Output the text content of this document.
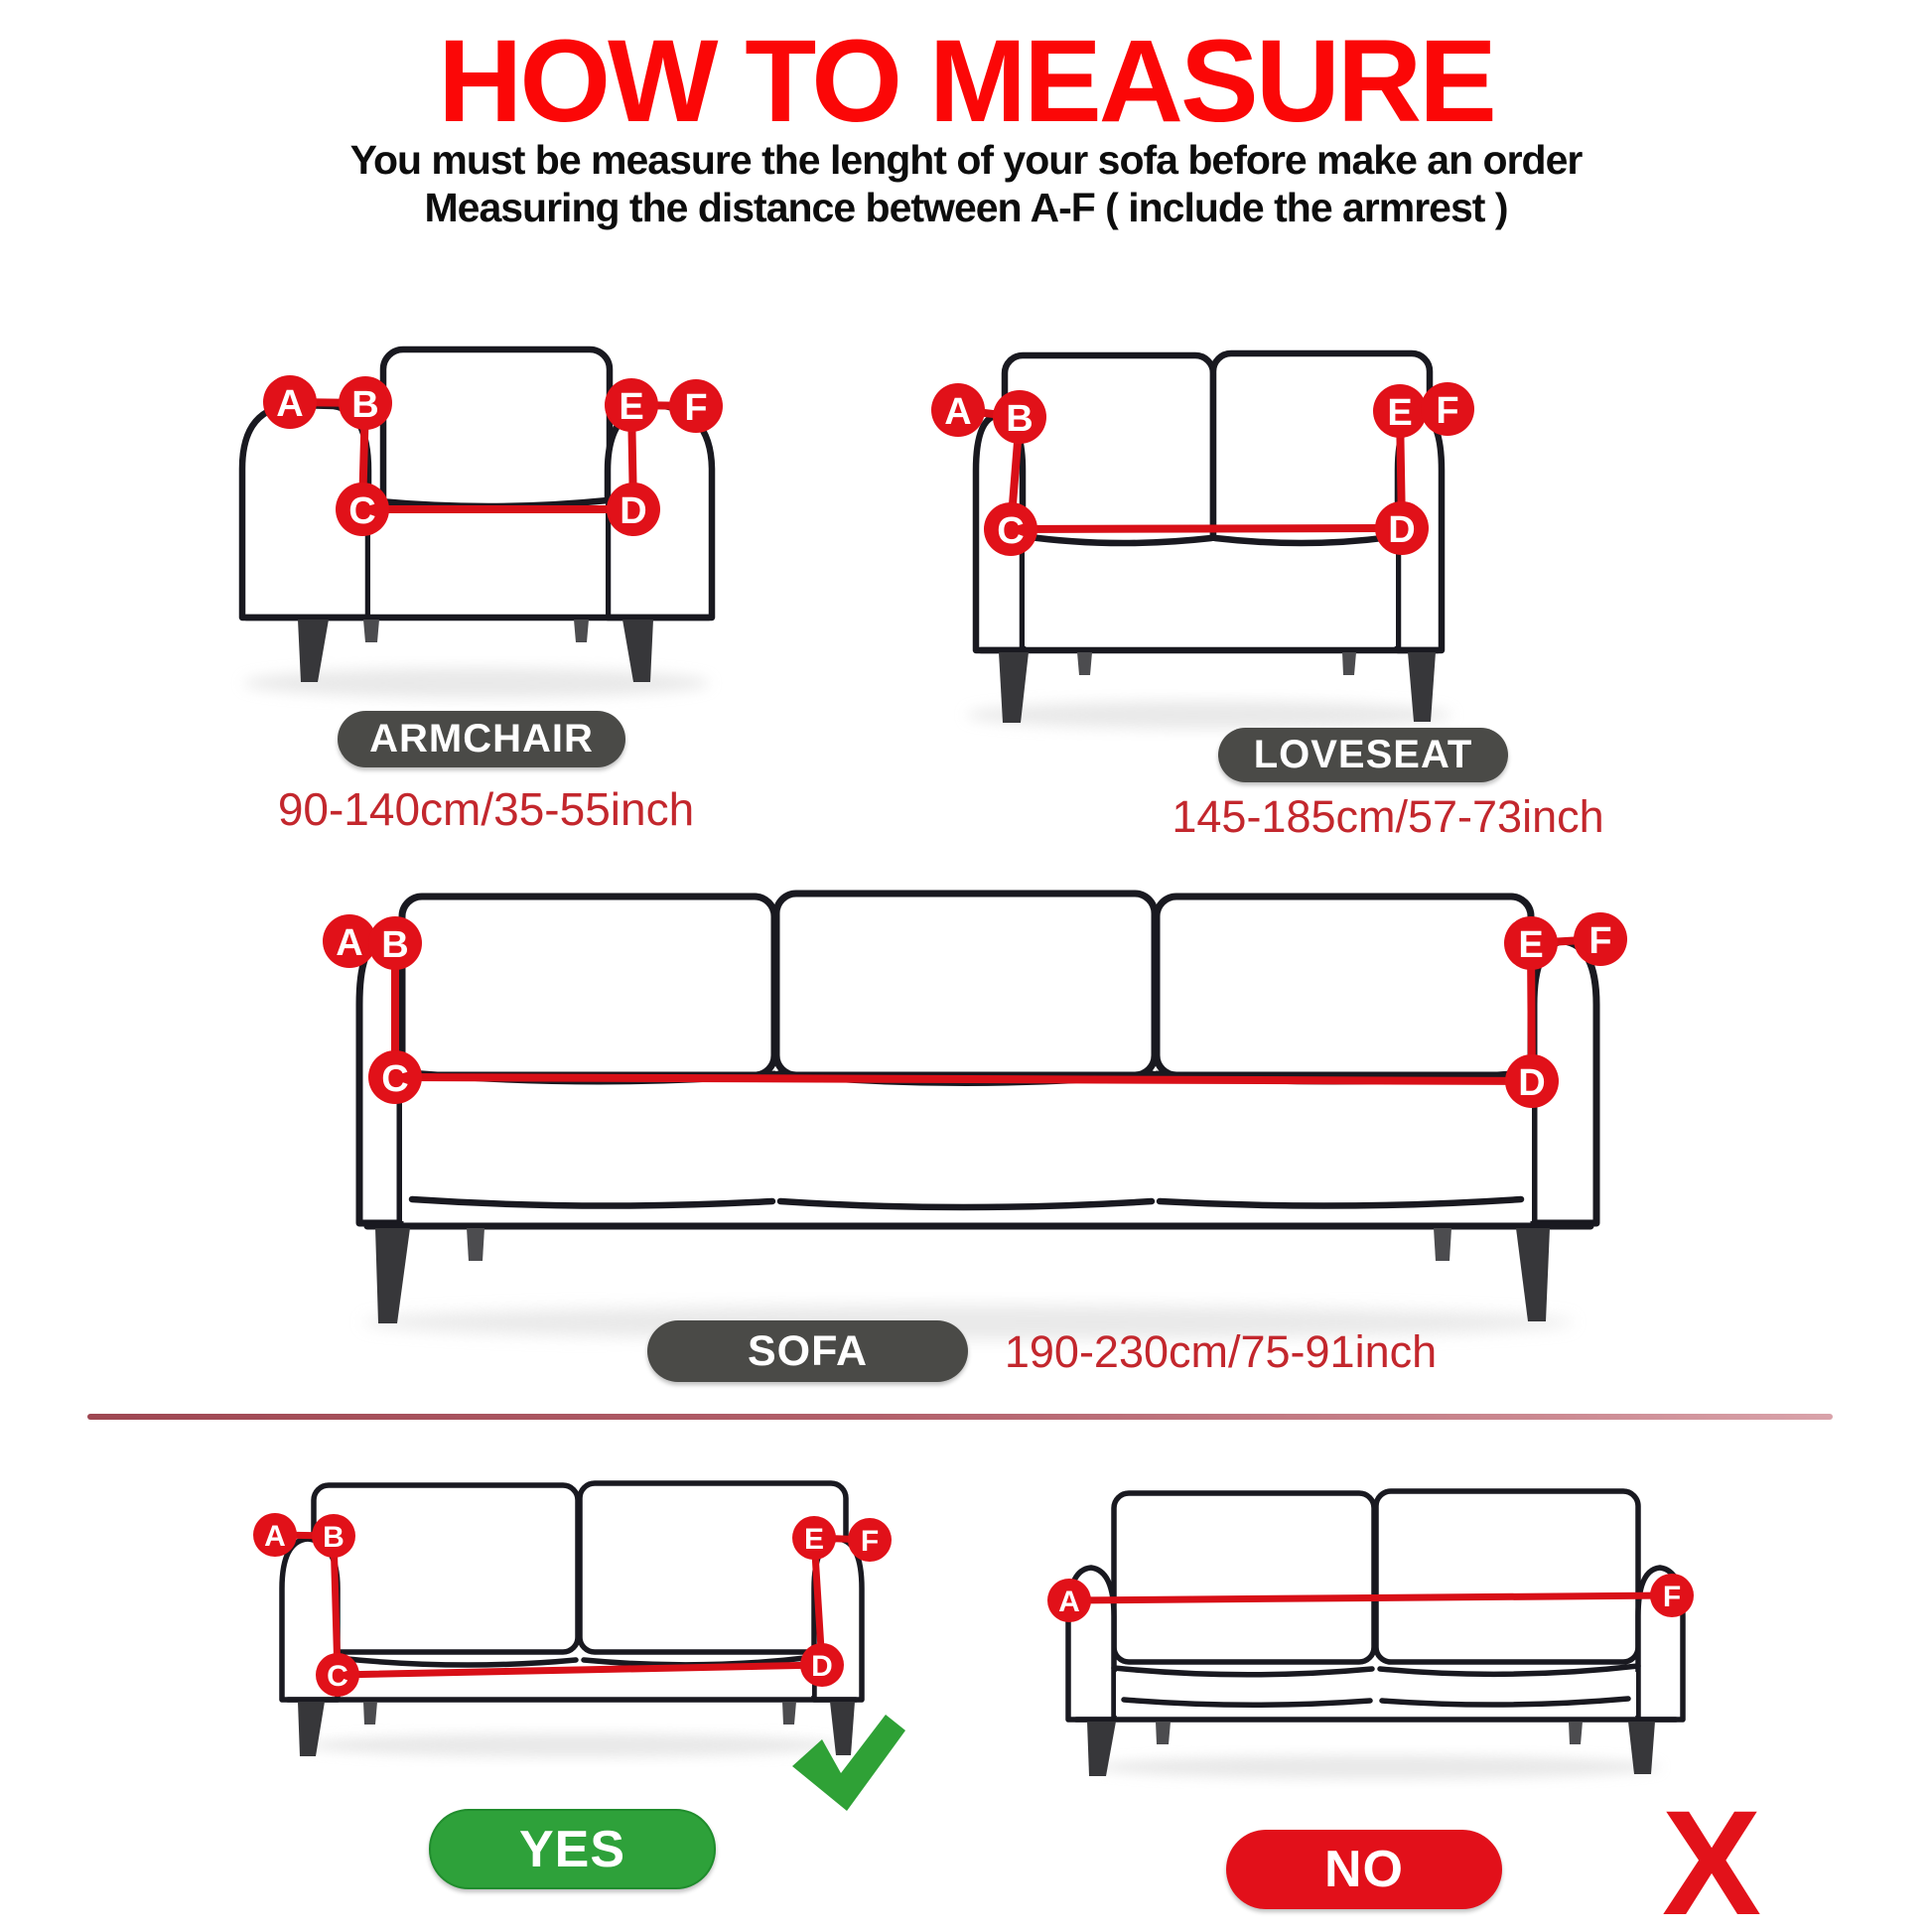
HOW TO MEASURE
You must be measure the lenght of your sofa before make an order
Measuring the distance between A-F ( include the armrest )
A B
C	D
E F	A B
C	D
E F
A B
C	D
E F
A B
C	D
E F
A	F
X
ARMCHAIR
90-140cm/35-55inch
LOVESEAT
145-185cm/57-73inch
SOFA	190-230cm/75-91inch
YES	NO
